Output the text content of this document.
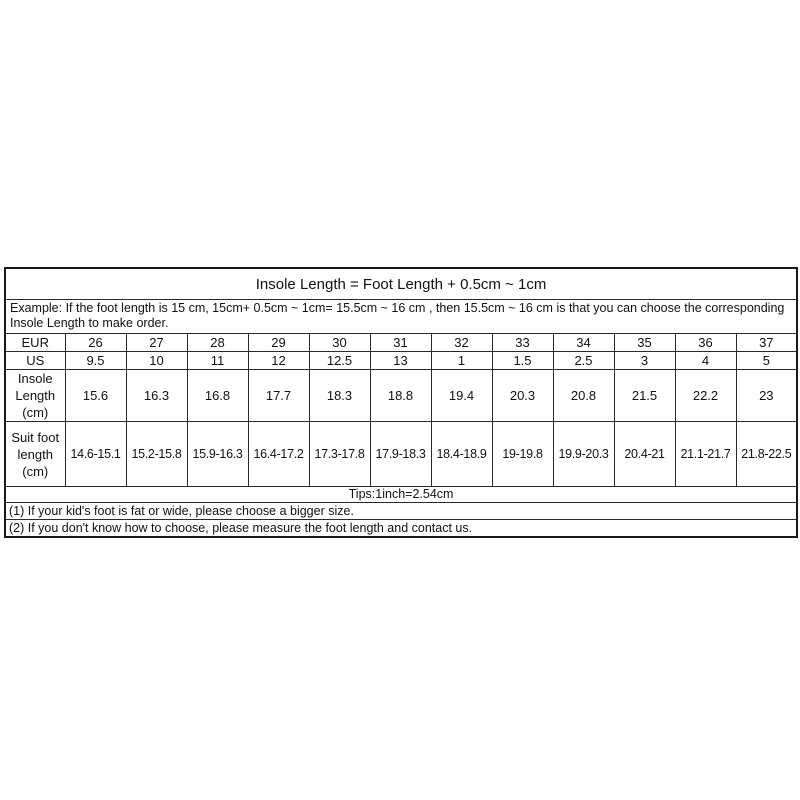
Insole Length = Foot Length + 0.5cm ~ 1cm												
Example: If the foot length is 15 cm, 15cm+ 0.5cm ~ 1cm= 15.5cm ~ 16 cm , then 15.5cm ~ 16 cm is that you can choose the corresponding Insole Length to make order.												
EUR	26	27	28	29	30	31	32	33	34	35	36	37
US	9.5	10	11	12	12.5	13	1	1.5	2.5	3	4	5
Insole Length (cm)	15.6	16.3	16.8	17.7	18.3	18.8	19.4	20.3	20.8	21.5	22.2	23
Suit foot length (cm)	14.6-15.1	15.2-15.8	15.9-16.3	16.4-17.2	17.3-17.8	17.9-18.3	18.4-18.9	19-19.8	19.9-20.3	20.4-21	21.1-21.7	21.8-22.5
Tips:1inch=2.54cm												
(1) If your kid's foot is fat or wide, please choose a bigger size.												
(2) If you don't know how to choose, please measure the foot length and contact us.												
